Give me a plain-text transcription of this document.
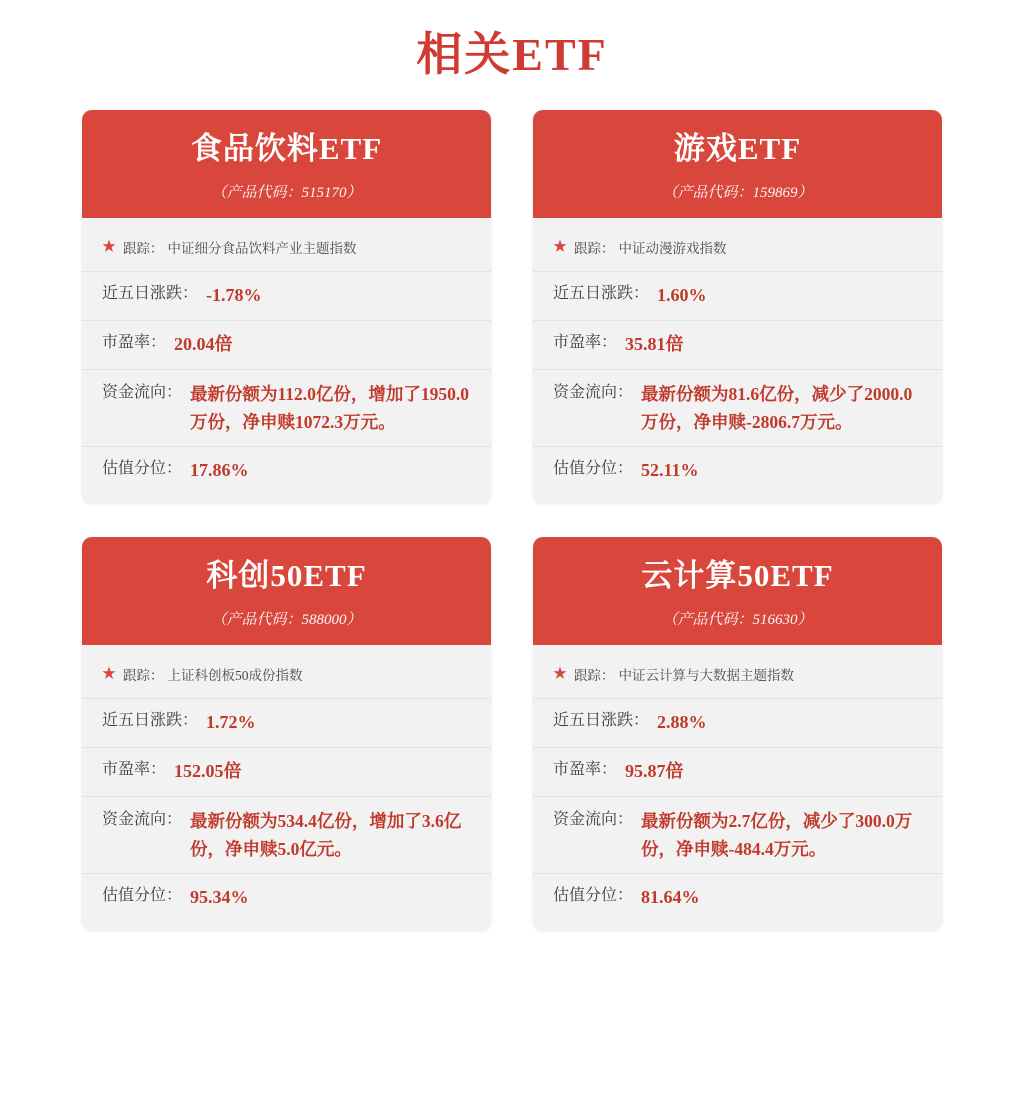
相关ETF
食品饮料ETF
（产品代码：515170）
★ 跟踪： 中证细分食品饮料产业主题指数
近五日涨跌： -1.78%
市盈率： 20.04倍
资金流向： 最新份额为112.0亿份，增加了1950.0万份，净申赎1072.3万元。
估值分位： 17.86%
游戏ETF
（产品代码：159869）
★ 跟踪： 中证动漫游戏指数
近五日涨跌： 1.60%
市盈率： 35.81倍
资金流向： 最新份额为81.6亿份，减少了2000.0万份，净申赎-2806.7万元。
估值分位： 52.11%
科创50ETF
（产品代码：588000）
★ 跟踪： 上证科创板50成份指数
近五日涨跌： 1.72%
市盈率： 152.05倍
资金流向： 最新份额为534.4亿份，增加了3.6亿份，净申赎5.0亿元。
估值分位： 95.34%
云计算50ETF
（产品代码：516630）
★ 跟踪： 中证云计算与大数据主题指数
近五日涨跌： 2.88%
市盈率： 95.87倍
资金流向： 最新份额为2.7亿份，减少了300.0万份，净申赎-484.4万元。
估值分位： 81.64%
